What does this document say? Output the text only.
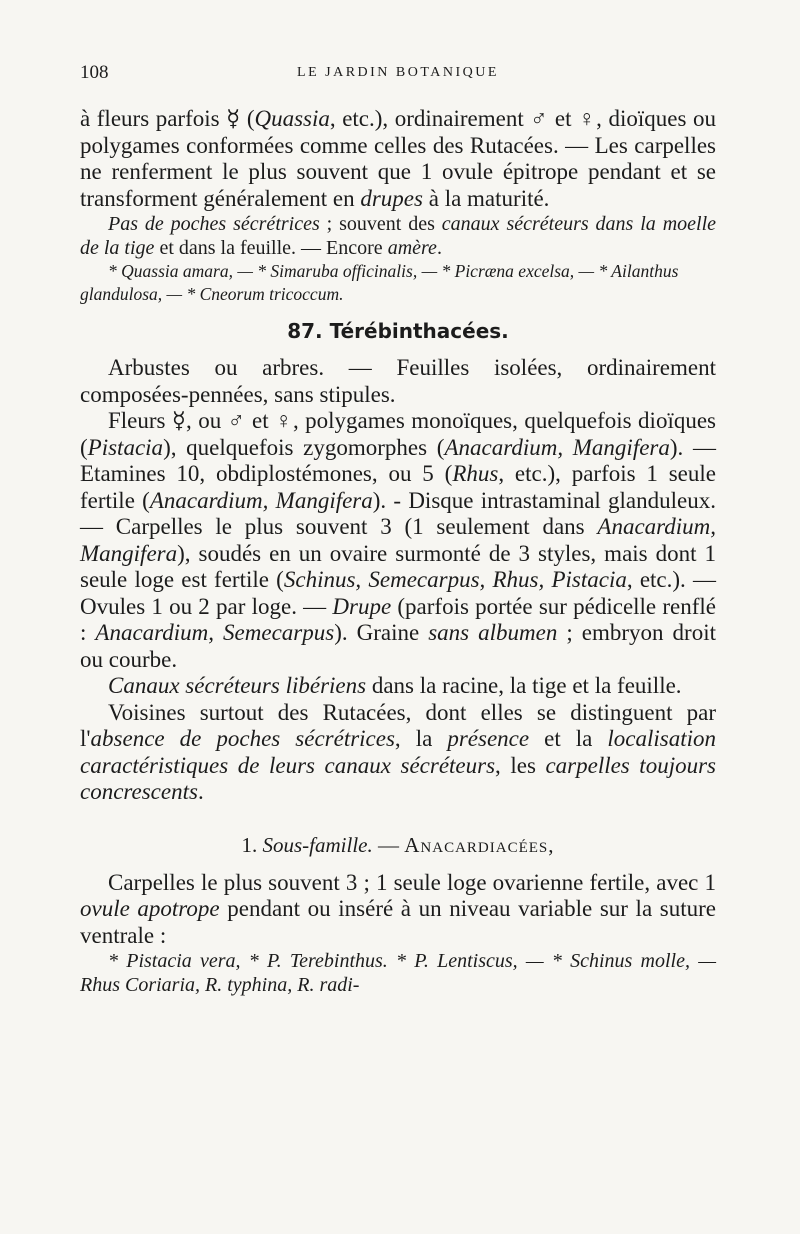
108	LE JARDIN BOTANIQUE

à fleurs parfois ☿ (Quassia, etc.), ordinairement ♂ et ♀, dioïques ou polygames conformées comme celles des Rutacées. — Les carpelles ne renferment le plus souvent que 1 ovule épitrope pendant et se transforment généralement en drupes à la maturité.

Pas de poches sécrétrices ; souvent des canaux sécréteurs dans la moelle de la tige et dans la feuille. — Encore amère.

* Quassia amara, — * Simaruba officinalis, — * Picræna excelsa, — * Ailanthus glandulosa, — * Cneorum tricoccum.

87. Térébinthacées.

Arbustes ou arbres. — Feuilles isolées, ordinairement composées-pennées, sans stipules.

Fleurs ☿, ou ♂ et ♀, polygames monoïques, quelquefois dioïques (Pistacia), quelquefois zygomorphes (Anacardium, Mangifera). — Etamines 10, obdiplostémones, ou 5 (Rhus, etc.), parfois 1 seule fertile (Anacardium, Mangifera). - Disque intrastaminal glanduleux. — Carpelles le plus souvent 3 (1 seulement dans Anacardium, Mangifera), soudés en un ovaire surmonté de 3 styles, mais dont 1 seule loge est fertile (Schinus, Semecarpus, Rhus, Pistacia, etc.). — Ovules 1 ou 2 par loge. — Drupe (parfois portée sur pédicelle renflé : Anacardium, Semecarpus). Graine sans albumen ; embryon droit ou courbe.

Canaux sécréteurs libériens dans la racine, la tige et la feuille.

Voisines surtout des Rutacées, dont elles se distinguent par l'absence de poches sécrétrices, la présence et la localisation caractéristiques de leurs canaux sécréteurs, les carpelles toujours concrescents.

1. Sous-famille. — Anacardiacées,

Carpelles le plus souvent 3 ; 1 seule loge ovarienne fertile, avec 1 ovule apotrope pendant ou inséré à un niveau variable sur la suture ventrale :

* Pistacia vera, * P. Terebinthus. * P. Lentiscus, — * Schinus molle, — Rhus Coriaria, R. typhina, R. radi-
